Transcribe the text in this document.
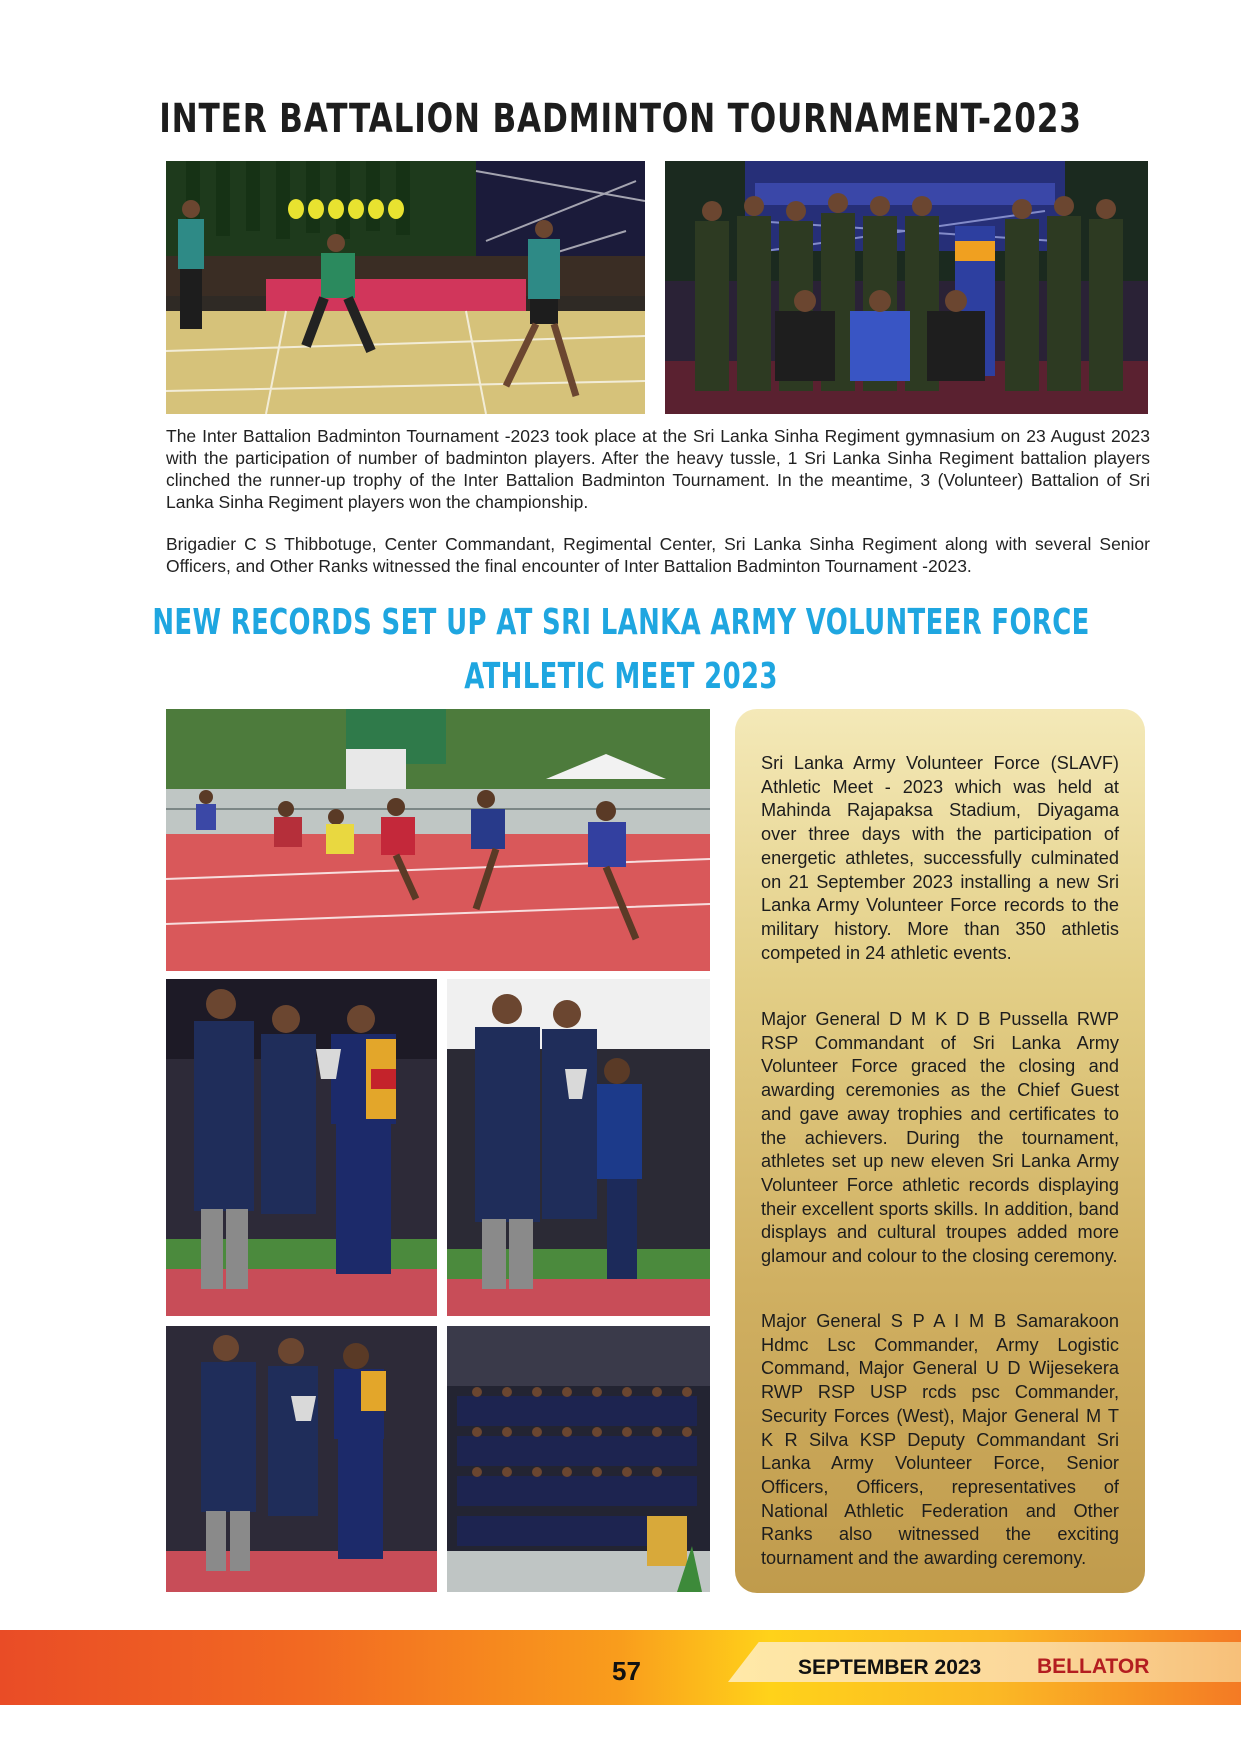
INTER BATTALION BADMINTON TOURNAMENT-2023
The Inter Battalion Badminton Tournament -2023 took place at the Sri Lanka Sinha Regiment gymnasium on 23 August 2023 with the participation of number of badminton players. After the heavy tussle, 1 Sri Lanka Sinha Regiment battalion players clinched the runner-up trophy of the Inter Battalion Badminton Tournament. In the meantime, 3 (Volunteer) Battalion of Sri Lanka Sinha Regiment players won the championship.
Brigadier C S Thibbotuge, Center Commandant, Regimental Center, Sri Lanka Sinha Regiment along with several Senior Officers, and Other Ranks witnessed the final encounter of Inter Battalion Badminton Tournament -2023.
NEW RECORDS SET UP AT SRI LANKA ARMY VOLUNTEER FORCE
ATHLETIC MEET 2023
Sri Lanka Army Volunteer Force (SLAVF) Athletic Meet - 2023 which was held at Mahinda Rajapaksa Stadium, Diyagama over three days with the participation of energetic athletes, successfully culminated on 21 September 2023 installing a new Sri Lanka Army Volunteer Force records to the military history. More than 350 athletis competed in 24 athletic events.
Major General D M K D B Pussella RWP RSP Commandant of Sri Lanka Army Volunteer Force graced the closing and awarding ceremonies as the Chief Guest and gave away trophies and certificates to the achievers. During the tournament, athletes set up new eleven Sri Lanka Army Volunteer Force athletic records displaying their excellent sports skills. In addition, band displays and cultural troupes added more glamour and colour to the closing ceremony.
Major General S P A I M B Samarakoon Hdmc Lsc Commander, Army Logistic Command, Major General U D Wijesekera RWP RSP USP rcds psc Commander, Security Forces (West), Major General M T K R Silva KSP Deputy Commandant Sri Lanka Army Volunteer Force, Senior Officers, Officers, representatives of National Athletic Federation and Other Ranks also witnessed the exciting tournament and the awarding ceremony.
57	SEPTEMBER 2023	BELLATOR
